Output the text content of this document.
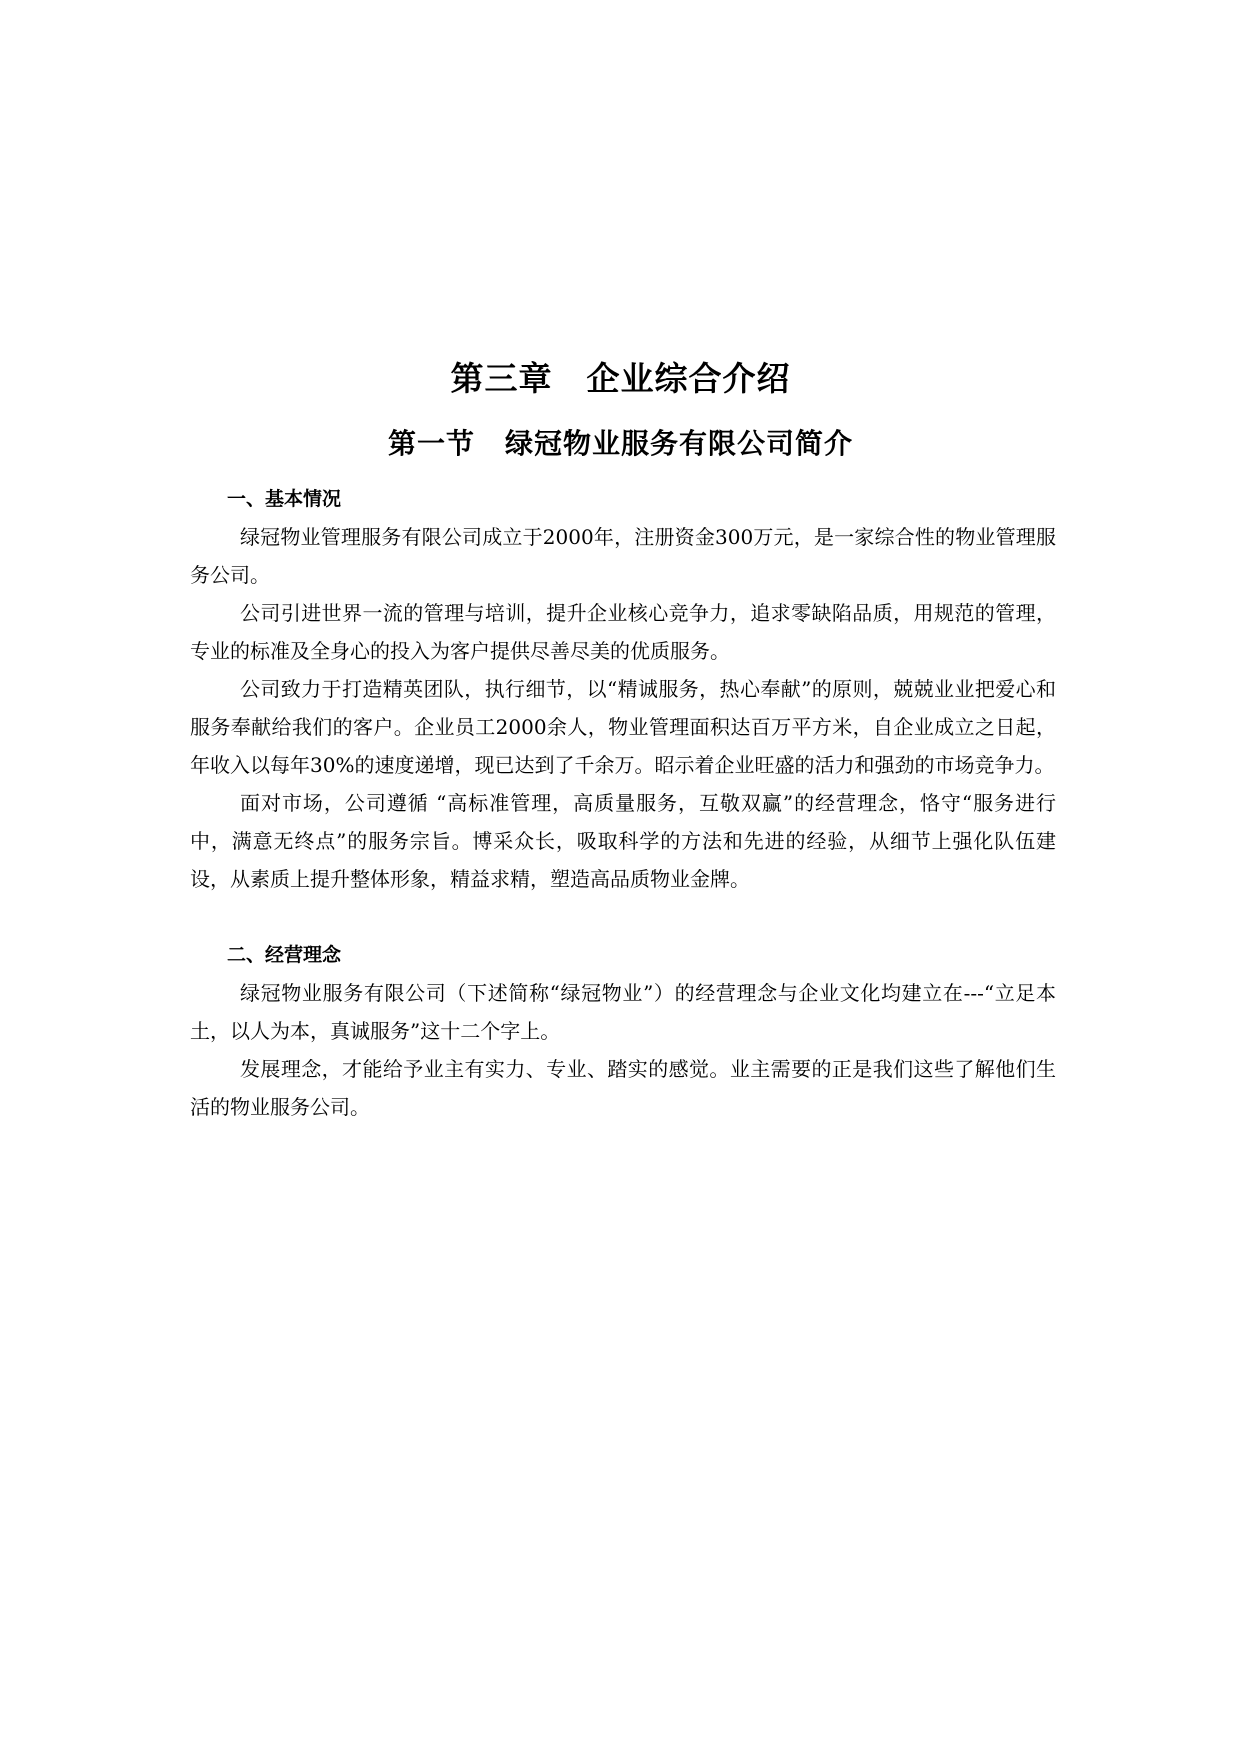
第三章 企业综合介绍
第一节 绿冠物业服务有限公司简介

一、基本情况

绿冠物业管理服务有限公司成立于2000年，注册资金300万元，是一家综合性的物业管理服务公司。

公司引进世界一流的管理与培训，提升企业核心竞争力，追求零缺陷品质，用规范的管理，专业的标准及全身心的投入为客户提供尽善尽美的优质服务。

公司致力于打造精英团队，执行细节，以“精诚服务，热心奉献”的原则，兢兢业业把爱心和服务奉献给我们的客户。企业员工2000余人，物业管理面积达百万平方米，自企业成立之日起，年收入以每年30%的速度递增，现已达到了千余万。昭示着企业旺盛的活力和强劲的市场竞争力。

面对市场，公司遵循 “高标准管理，高质量服务，互敬双赢”的经营理念，恪守“服务进行中，满意无终点”的服务宗旨。博采众长，吸取科学的方法和先进的经验，从细节上强化队伍建设，从素质上提升整体形象，精益求精，塑造高品质物业金牌。

二、经营理念

绿冠物业服务有限公司（下述简称“绿冠物业”）的经营理念与企业文化均建立在---“立足本土，以人为本，真诚服务”这十二个字上。

发展理念，才能给予业主有实力、专业、踏实的感觉。业主需要的正是我们这些了解他们生活的物业服务公司。
